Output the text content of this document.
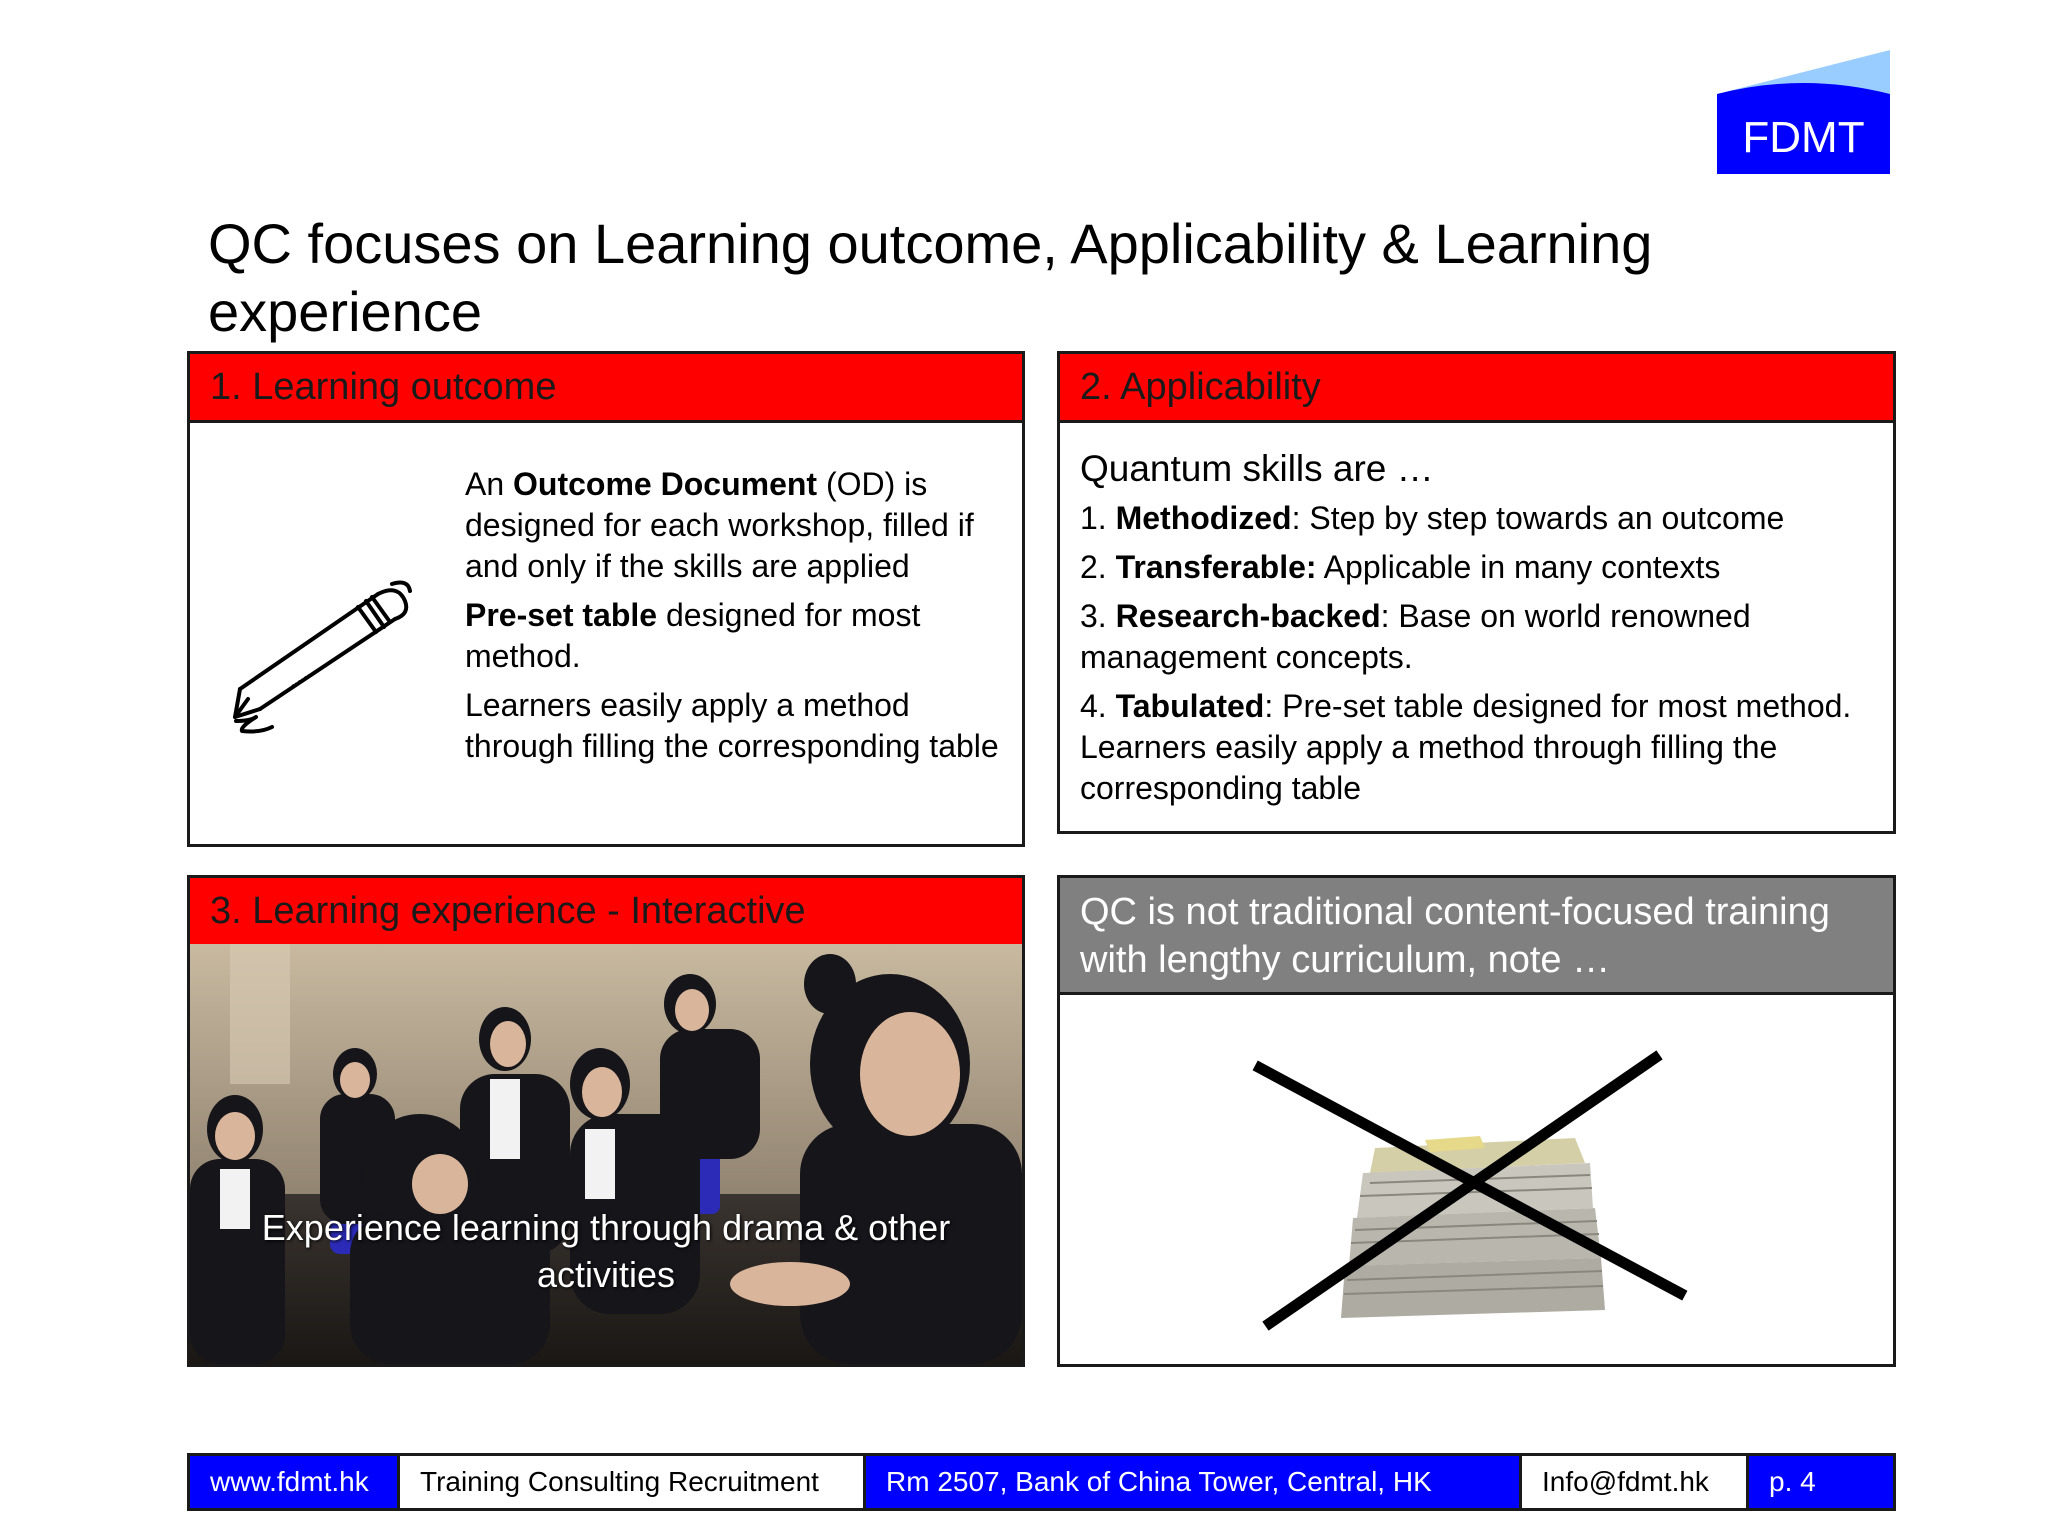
FDMT
QC focuses on Learning outcome, Applicability & Learning experience
1. Learning outcome
~~~

An Outcome Document (OD) is designed for each workshop, filled if and only if the skills are applied

Pre-set table designed for most method.

Learners easily apply a method through filling the corresponding table

2. Applicability

Quantum skills are …

1. Methodized: Step by step towards an outcome

2. Transferable: Applicable in many contexts

3. Research-backed: Base on world renowned management concepts.

4. Tabulated: Pre-set table designed for most method. Learners easily apply a method through filling the corresponding table

3. Learning experience - Interactive
Experience learning through drama & other activities
QC is not traditional content-focused training with lengthy curriculum, note …
www.fdmt.hk	Training Consulting Recruitment	Rm 2507, Bank of China Tower, Central, HK	Info@fdmt.hk	p. 4
